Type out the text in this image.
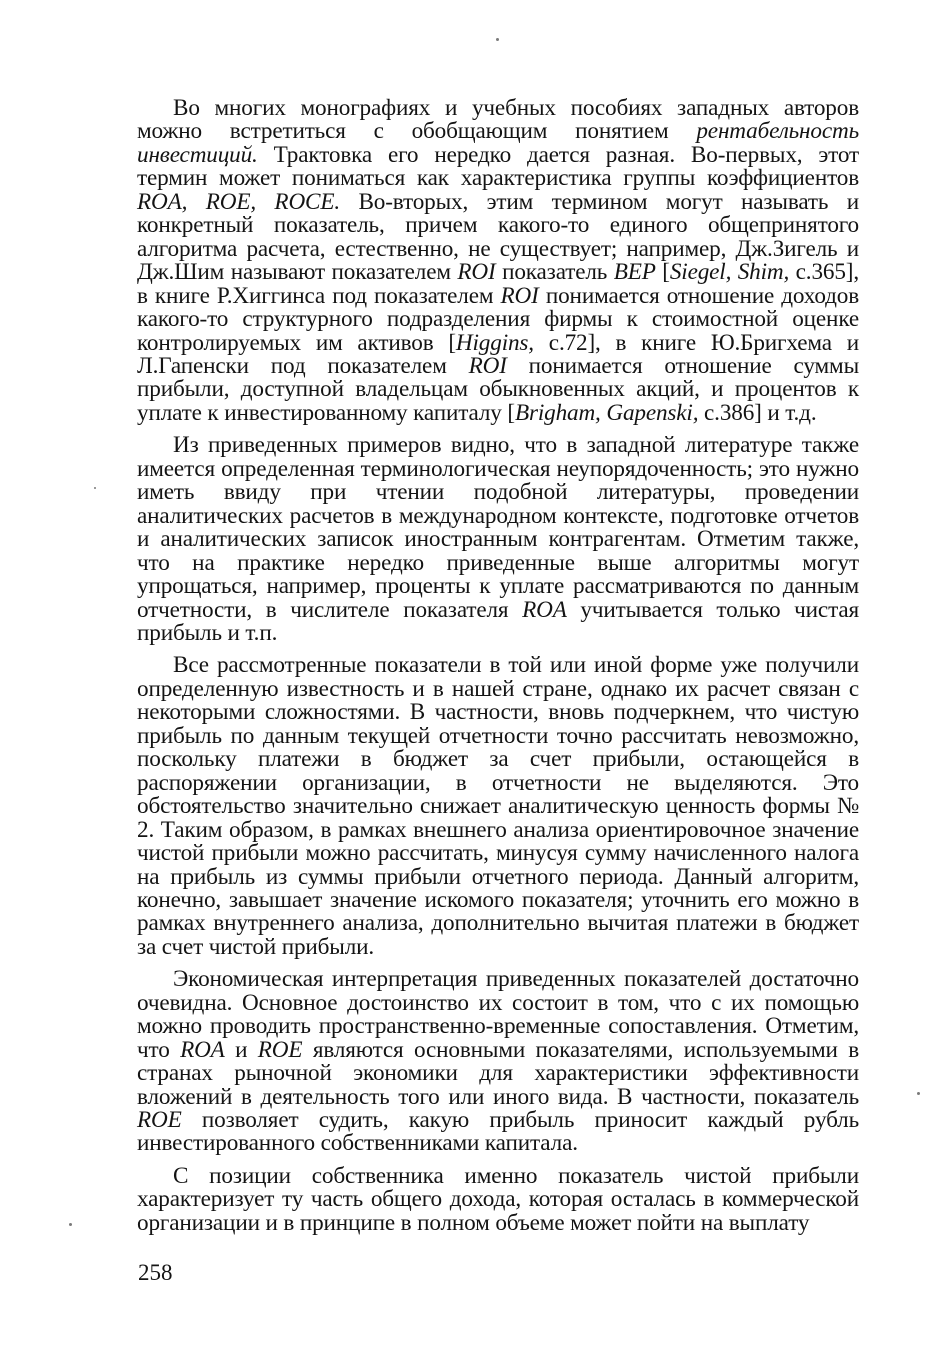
Во многих монографиях и учебных пособиях западных авторов можно встретиться с обобщающим понятием рентабельность инвестиций. Трактовка его нередко дается разная. Во-первых, этот термин может пониматься как характеристика группы коэффициентов ROA, ROE, ROCE. Во-вторых, этим термином могут называть и конкретный показатель, причем какого-то единого общепринятого алгоритма расчета, естественно, не существует; например, Дж.Зигель и Дж.Шим называют показателем ROI показатель BEP [Siegel, Shim, с.365], в книге Р.Хиггинса под показателем ROI понимается отношение доходов какого-то структурного подразделения фирмы к стоимостной оценке контролируемых им активов [Higgins, с.72], в книге Ю.Бригхема и Л.Гапенски под показателем ROI понимается отношение суммы прибыли, доступной владельцам обыкновенных акций, и процентов к уплате к инвестированному капиталу [Brigham, Gapenski, с.386] и т.д.

Из приведенных примеров видно, что в западной литературе также имеется определенная терминологическая неупорядоченность; это нужно иметь ввиду при чтении подобной литературы, проведении аналитических расчетов в международном контексте, подготовке отчетов и аналитических записок иностранным контрагентам. Отметим также, что на практике нередко приведенные выше алгоритмы могут упрощаться, например, проценты к уплате рассматриваются по данным отчетности, в числителе показателя ROA учитывается только чистая прибыль и т.п.

Все рассмотренные показатели в той или иной форме уже получили определенную известность и в нашей стране, однако их расчет связан с некоторыми сложностями. В частности, вновь подчеркнем, что чистую прибыль по данным текущей отчетности точно рассчитать невозможно, поскольку платежи в бюджет за счет прибыли, остающейся в распоряжении организации, в отчетности не выделяются. Это обстоятельство значительно снижает аналитическую ценность формы № 2. Таким образом, в рамках внешнего анализа ориентировочное значение чистой прибыли можно рассчитать, минусуя сумму начисленного налога на прибыль из суммы прибыли отчетного периода. Данный алгоритм, конечно, завышает значение искомого показателя; уточнить его можно в рамках внутреннего анализа, дополнительно вычитая платежи в бюджет за счет чистой прибыли.

Экономическая интерпретация приведенных показателей достаточно очевидна. Основное достоинство их состоит в том, что с их помощью можно проводить пространственно-временные сопоставления. Отметим, что ROA и ROE являются основными показателями, используемыми в странах рыночной экономики для характеристики эффективности вложений в деятельность того или иного вида. В частности, показатель ROE позволяет судить, какую прибыль приносит каждый рубль инвестированного собственниками капитала.

С позиции собственника именно показатель чистой прибыли характеризует ту часть общего дохода, которая осталась в коммерческой организации и в принципе в полном объеме может пойти на выплату

258
